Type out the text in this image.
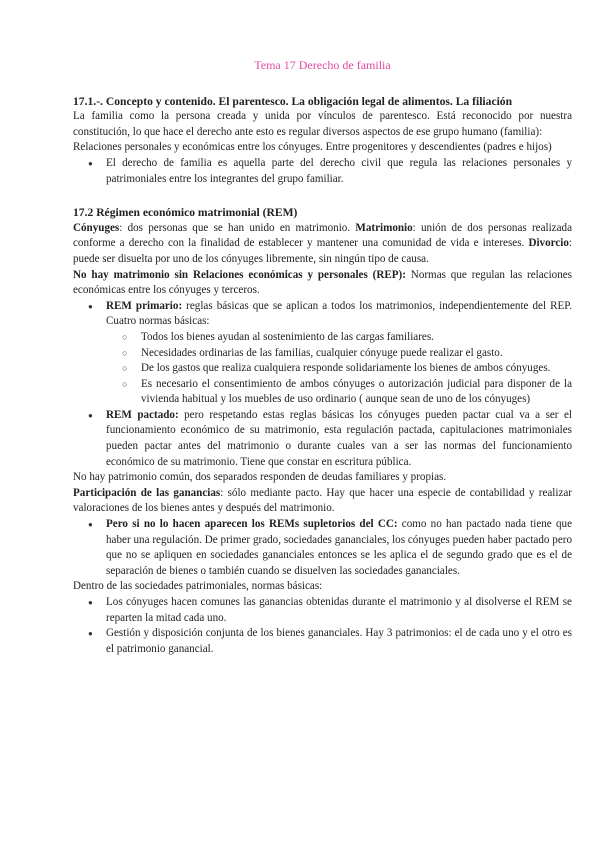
Tema 17 Derecho de familia
17.1.-. Concepto y contenido. El parentesco. La obligación legal de alimentos. La filiación

La familia como la persona creada y unida por vínculos de parentesco. Está reconocido por nuestra constitución, lo que hace el derecho ante esto es regular diversos aspectos de ese grupo humano (familia):

Relaciones personales y económicas entre los cónyuges. Entre progenitores y descendientes (padres e hijos)

● El derecho de familia es aquella parte del derecho civil que regula las relaciones personales y patrimoniales entre los integrantes del grupo familiar.
17.2 Régimen económico matrimonial (REM)

Cónyuges: dos personas que se han unido en matrimonio. Matrimonio: unión de dos personas realizada conforme a derecho con la finalidad de establecer y mantener una comunidad de vida e intereses. Divorcio: puede ser disuelta por uno de los cónyuges libremente, sin ningún tipo de causa.

No hay matrimonio sin Relaciones económicas y personales (REP): Normas que regulan las relaciones económicas entre los cónyuges y terceros.

● REM primario: reglas básicas que se aplican a todos los matrimonios, independientemente del REP. Cuatro normas básicas:
○ Todos los bienes ayudan al sostenimiento de las cargas familiares.
○ Necesidades ordinarias de las familias, cualquier cónyuge puede realizar el gasto.
○ De los gastos que realiza cualquiera responde solidariamente los bienes de ambos cónyuges.
○ Es necesario el consentimiento de ambos cónyuges o autorización judicial para disponer de la vivienda habitual y los muebles de uso ordinario ( aunque sean de uno de los cónyuges)
● REM pactado: pero respetando estas reglas básicas los cónyuges pueden pactar cual va a ser el funcionamiento económico de su matrimonio, esta regulación pactada, capitulaciones matrimoniales pueden pactar antes del matrimonio o durante cuales van a ser las normas del funcionamiento económico de su matrimonio. Tiene que constar en escritura pública.

No hay patrimonio común, dos separados responden de deudas familiares y propias.

Participación de las ganancias: sólo mediante pacto. Hay que hacer una especie de contabilidad y realizar valoraciones de los bienes antes y después del matrimonio.

● Pero si no lo hacen aparecen los REMs supletorios del CC: como no han pactado nada tiene que haber una regulación. De primer grado, sociedades gananciales, los cónyuges pueden haber pactado pero que no se apliquen en sociedades gananciales entonces se les aplica el de segundo grado que es el de separación de bienes o también cuando se disuelven las sociedades gananciales.

Dentro de las sociedades patrimoniales, normas básicas:

● Los cónyuges hacen comunes las ganancias obtenidas durante el matrimonio y al disolverse el REM se reparten la mitad cada uno.
● Gestión y disposición conjunta de los bienes gananciales. Hay 3 patrimonios: el de cada uno y el otro es el patrimonio ganancial.
